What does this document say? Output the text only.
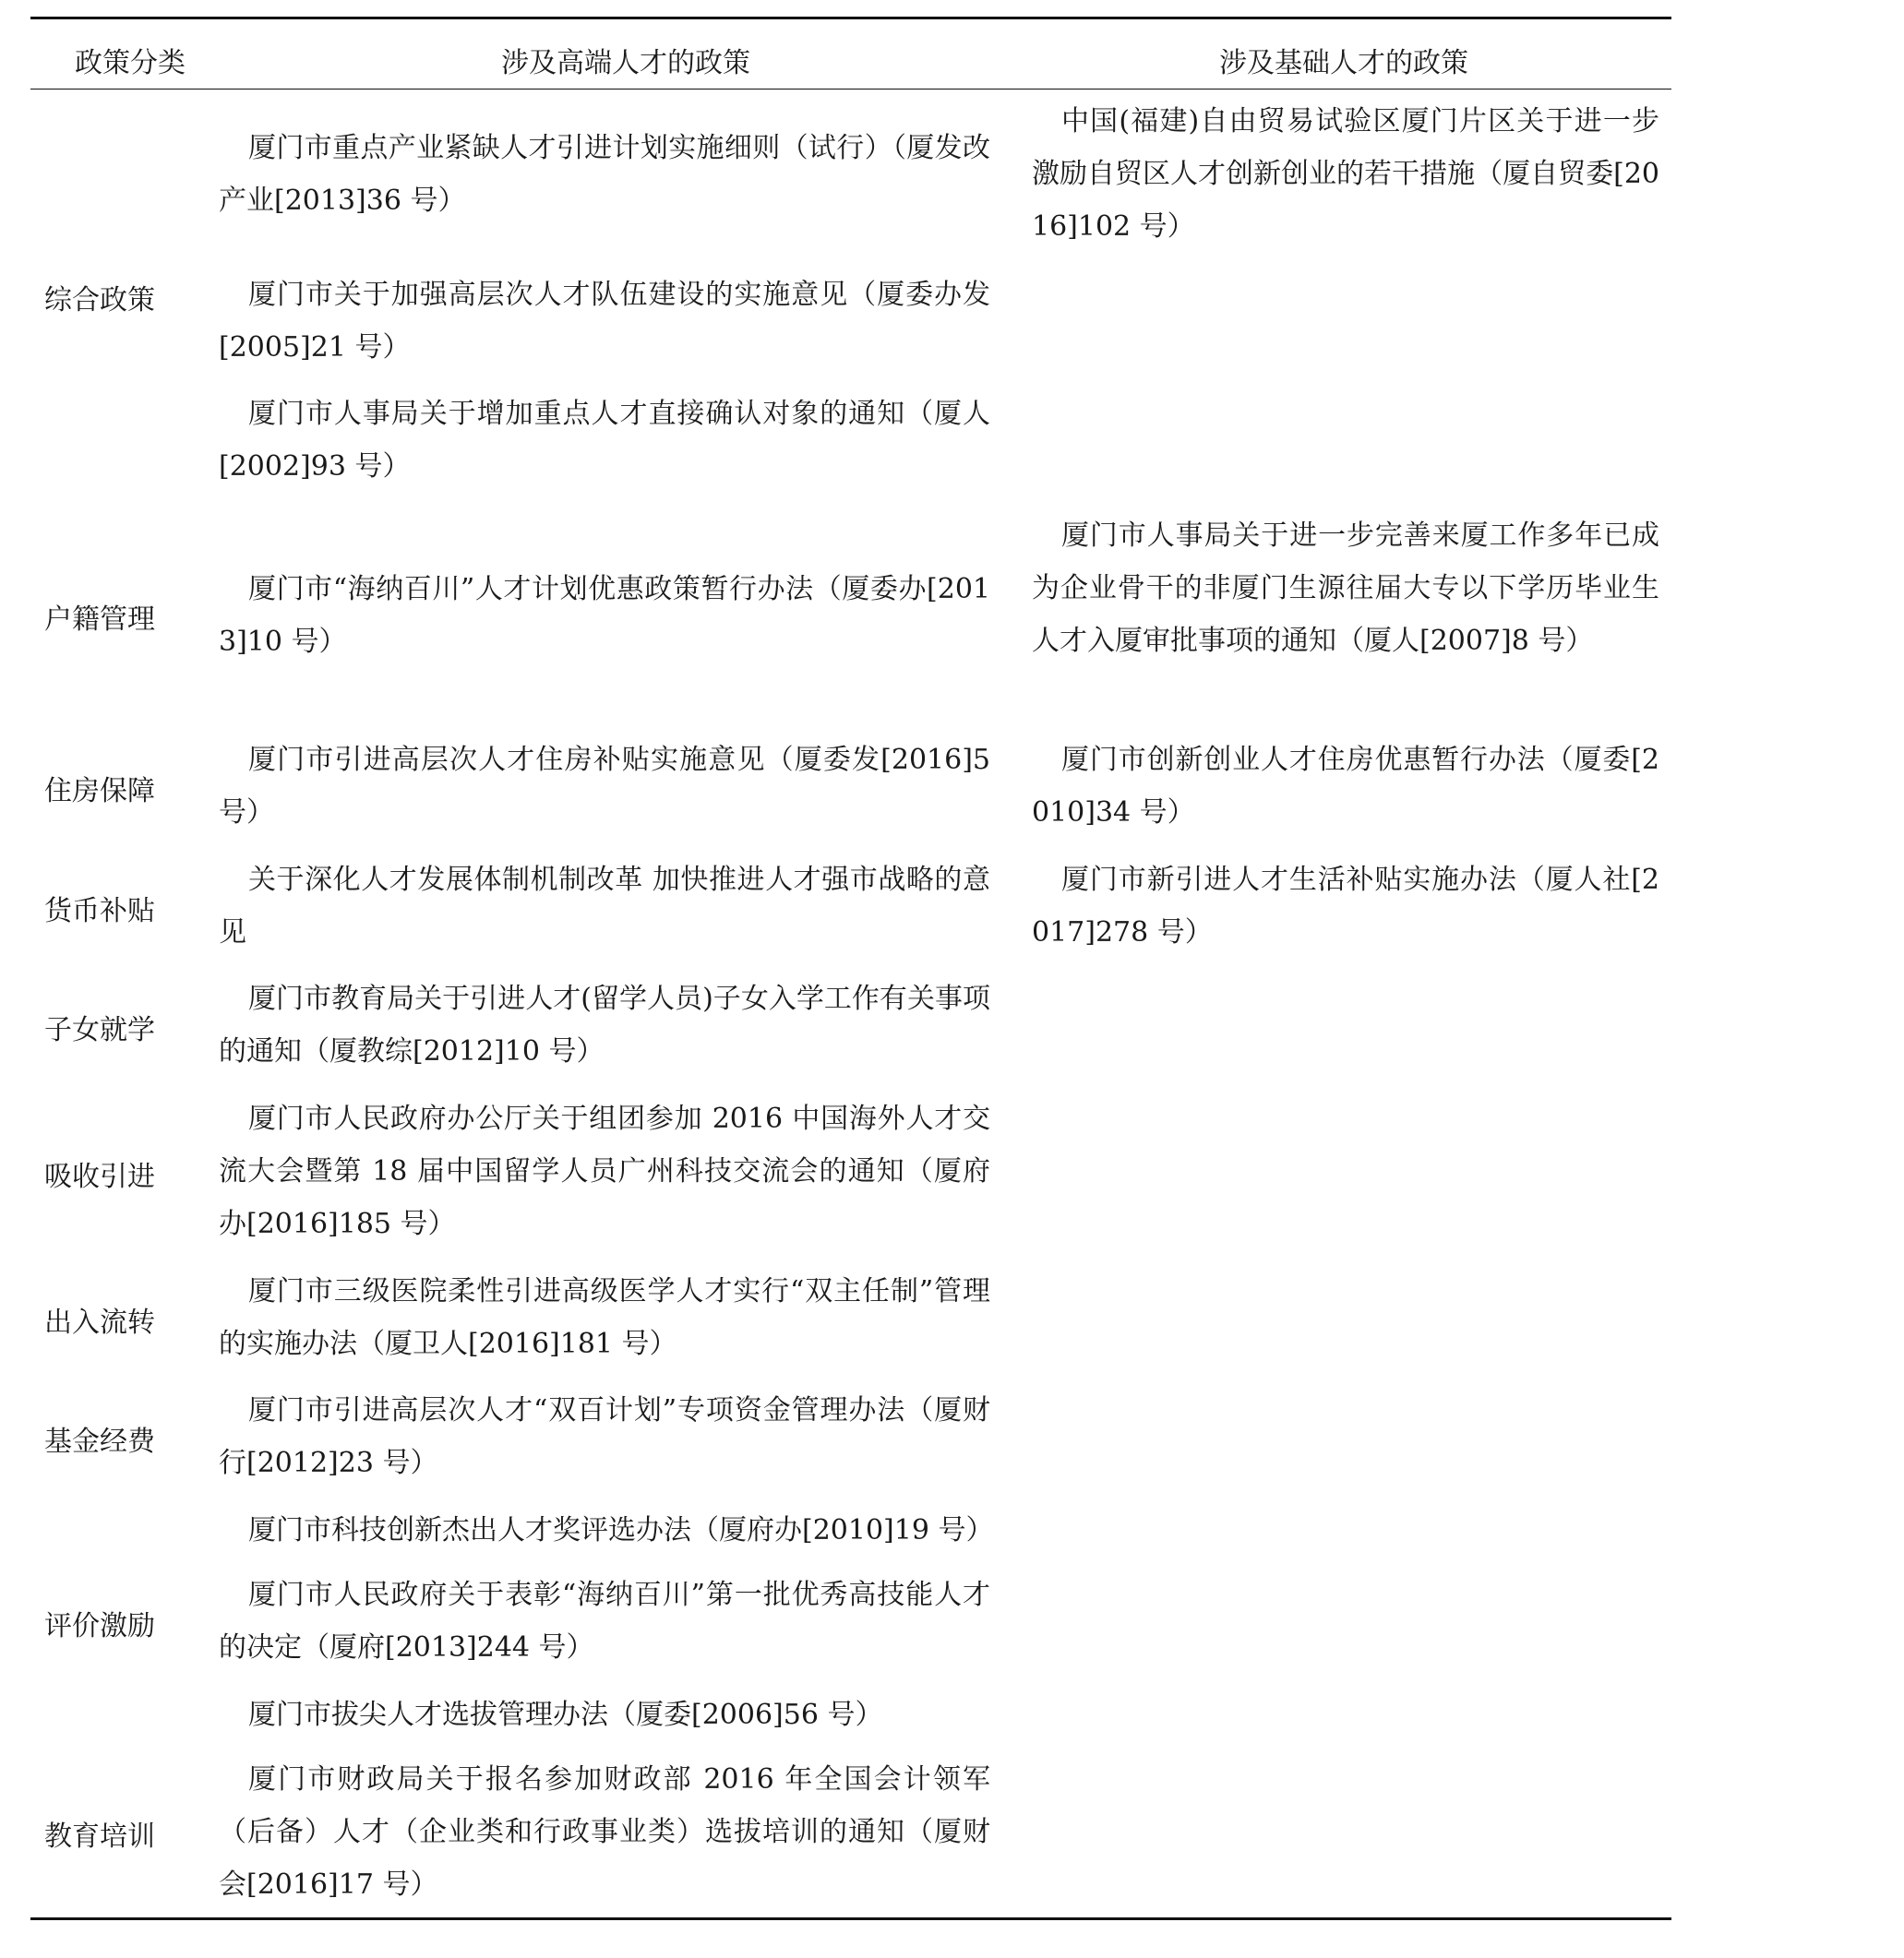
政策分类	涉及高端人才的政策	涉及基础人才的政策
综合政策
户籍管理
住房保障
货币补贴
子女就学
吸收引进
出入流转
基金经费
评价激励
教育培训
厦门市重点产业紧缺人才引进计划实施细则（试行）（厦发改产业[2013]36 号）
厦门市关于加强高层次人才队伍建设的实施意见（厦委办发[2005]21 号）
厦门市人事局关于增加重点人才直接确认对象的通知（厦人[2002]93 号）
厦门市“海纳百川”人才计划优惠政策暂行办法（厦委办[2013]10 号）
厦门市引进高层次人才住房补贴实施意见（厦委发[2016]5 号）
关于深化人才发展体制机制改革 加快推进人才强市战略的意见
厦门市教育局关于引进人才(留学人员)子女入学工作有关事项的通知（厦教综[2012]10 号）
厦门市人民政府办公厅关于组团参加 2016 中国海外人才交流大会暨第 18 届中国留学人员广州科技交流会的通知（厦府办[2016]185 号）
厦门市三级医院柔性引进高级医学人才实行“双主任制”管理的实施办法（厦卫人[2016]181 号）
厦门市引进高层次人才“双百计划”专项资金管理办法（厦财行[2012]23 号）
厦门市科技创新杰出人才奖评选办法（厦府办[2010]19 号）
厦门市人民政府关于表彰“海纳百川”第一批优秀高技能人才的决定（厦府[2013]244 号）
厦门市拔尖人才选拔管理办法（厦委[2006]56 号）
厦门市财政局关于报名参加财政部 2016 年全国会计领军（后备）人才（企业类和行政事业类）选拔培训的通知（厦财会[2016]17 号）
中国(福建)自由贸易试验区厦门片区关于进一步激励自贸区人才创新创业的若干措施（厦自贸委[2016]102 号）
厦门市人事局关于进一步完善来厦工作多年已成为企业骨干的非厦门生源往届大专以下学历毕业生人才入厦审批事项的通知（厦人[2007]8 号）
厦门市创新创业人才住房优惠暂行办法（厦委[2010]34 号）
厦门市新引进人才生活补贴实施办法（厦人社[2017]278 号）
